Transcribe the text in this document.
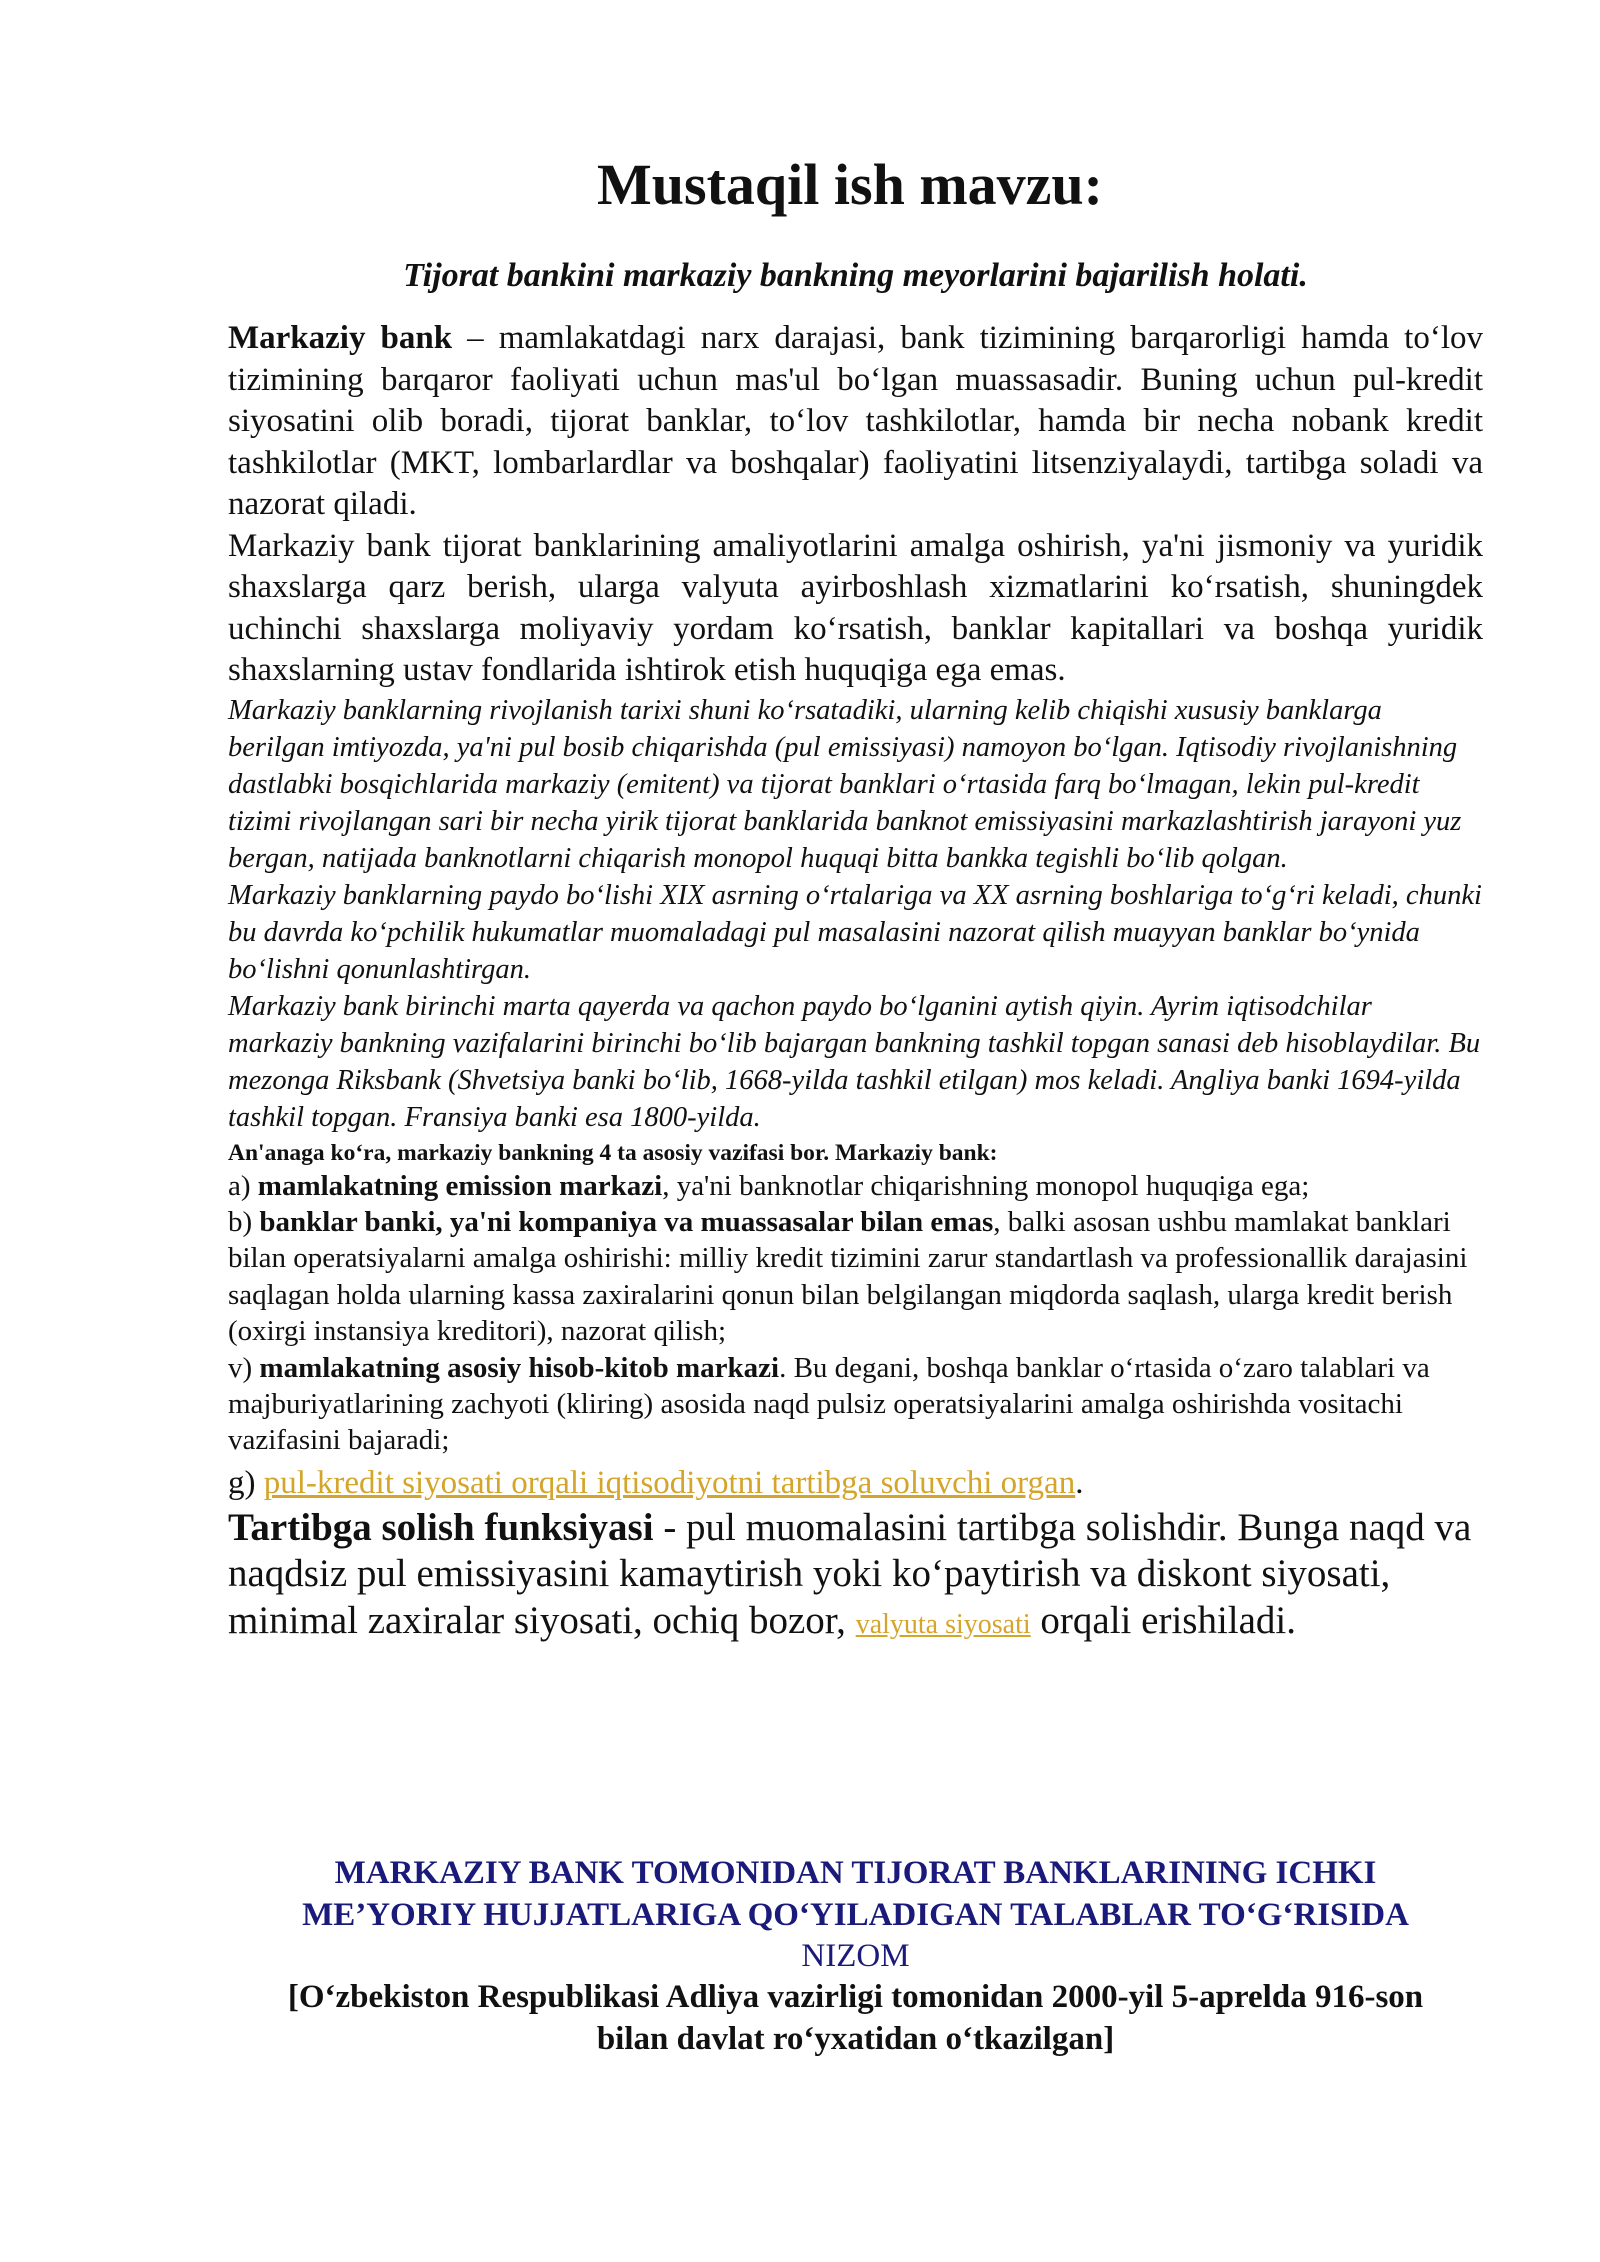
Mustaqil ish mavzu:

Tijorat bankini markaziy bankning meyorlarini bajarilish holati.

Markaziy bank – mamlakatdagi narx darajasi, bank tizimining barqarorligi hamda to‘lov tizimining barqaror faoliyati uchun mas'ul bo‘lgan muassasadir. Buning uchun pul-kredit siyosatini olib boradi, tijorat banklar, to‘lov tashkilotlar, hamda bir necha nobank kredit tashkilotlar (MKT, lombarlardlar va boshqalar) faoliyatini litsenziyalaydi, tartibga soladi va nazorat qiladi.

Markaziy bank tijorat banklarining amaliyotlarini amalga oshirish, ya'ni jismoniy va yuridik shaxslarga qarz berish, ularga valyuta ayirboshlash xizmatlarini ko‘rsatish, shuningdek uchinchi shaxslarga moliyaviy yordam ko‘rsatish, banklar kapitallari va boshqa yuridik shaxslarning ustav fondlarida ishtirok etish huquqiga ega emas.

Markaziy banklarning rivojlanish tarixi shuni ko‘rsatadiki, ularning kelib chiqishi xususiy banklarga berilgan imtiyozda, ya'ni pul bosib chiqarishda (pul emissiyasi) namoyon bo‘lgan. Iqtisodiy rivojlanishning dastlabki bosqichlarida markaziy (emitent) va tijorat banklari o‘rtasida farq bo‘lmagan, lekin pul-kredit tizimi rivojlangan sari bir necha yirik tijorat banklarida banknot emissiyasini markazlashtirish jarayoni yuz bergan, natijada banknotlarni chiqarish monopol huquqi bitta bankka tegishli bo‘lib qolgan.

Markaziy banklarning paydo bo‘lishi XIX asrning o‘rtalariga va XX asrning boshlariga to‘g‘ri keladi, chunki bu davrda ko‘pchilik hukumatlar muomaladagi pul masalasini nazorat qilish muayyan banklar bo‘ynida bo‘lishni qonunlashtirgan.

Markaziy bank birinchi marta qayerda va qachon paydo bo‘lganini aytish qiyin. Ayrim iqtisodchilar markaziy bankning vazifalarini birinchi bo‘lib bajargan bankning tashkil topgan sanasi deb hisoblaydilar. Bu mezonga Riksbank (Shvetsiya banki bo‘lib, 1668-yilda tashkil etilgan) mos keladi. Angliya banki 1694-yilda tashkil topgan. Fransiya banki esa 1800-yilda.

An'anaga ko‘ra, markaziy bankning 4 ta asosiy vazifasi bor. Markaziy bank:

a) mamlakatning emission markazi, ya'ni banknotlar chiqarishning monopol huquqiga ega;

b) banklar banki, ya'ni kompaniya va muassasalar bilan emas, balki asosan ushbu mamlakat banklari bilan operatsiyalarni amalga oshirishi: milliy kredit tizimini zarur standartlash va professionallik darajasini saqlagan holda ularning kassa zaxiralarini qonun bilan belgilangan miqdorda saqlash, ularga kredit berish (oxirgi instansiya kreditori), nazorat qilish;

v) mamlakatning asosiy hisob-kitob markazi. Bu degani, boshqa banklar o‘rtasida o‘zaro talablari va majburiyatlarining zachyoti (kliring) asosida naqd pulsiz operatsiyalarini amalga oshirishda vositachi vazifasini bajaradi;

g) pul-kredit siyosati orqali iqtisodiyotni tartibga soluvchi organ.

Tartibga solish funksiyasi - pul muomalasini tartibga solishdir. Bunga naqd va naqdsiz pul emissiyasini kamaytirish yoki ko‘paytirish va diskont siyosati, minimal zaxiralar siyosati, ochiq bozor, valyuta siyosati orqali erishiladi.

MARKAZIY BANK TOMONIDAN TIJORAT BANKLARINING ICHKI

ME’YORIY HUJJATLARIGA QO‘YILADIGAN TALABLAR TO‘G‘RISIDA

NIZOM

[O‘zbekiston Respublikasi Adliya vazirligi tomonidan 2000-yil 5-aprelda 916-son

bilan davlat ro‘yxatidan o‘tkazilgan]
